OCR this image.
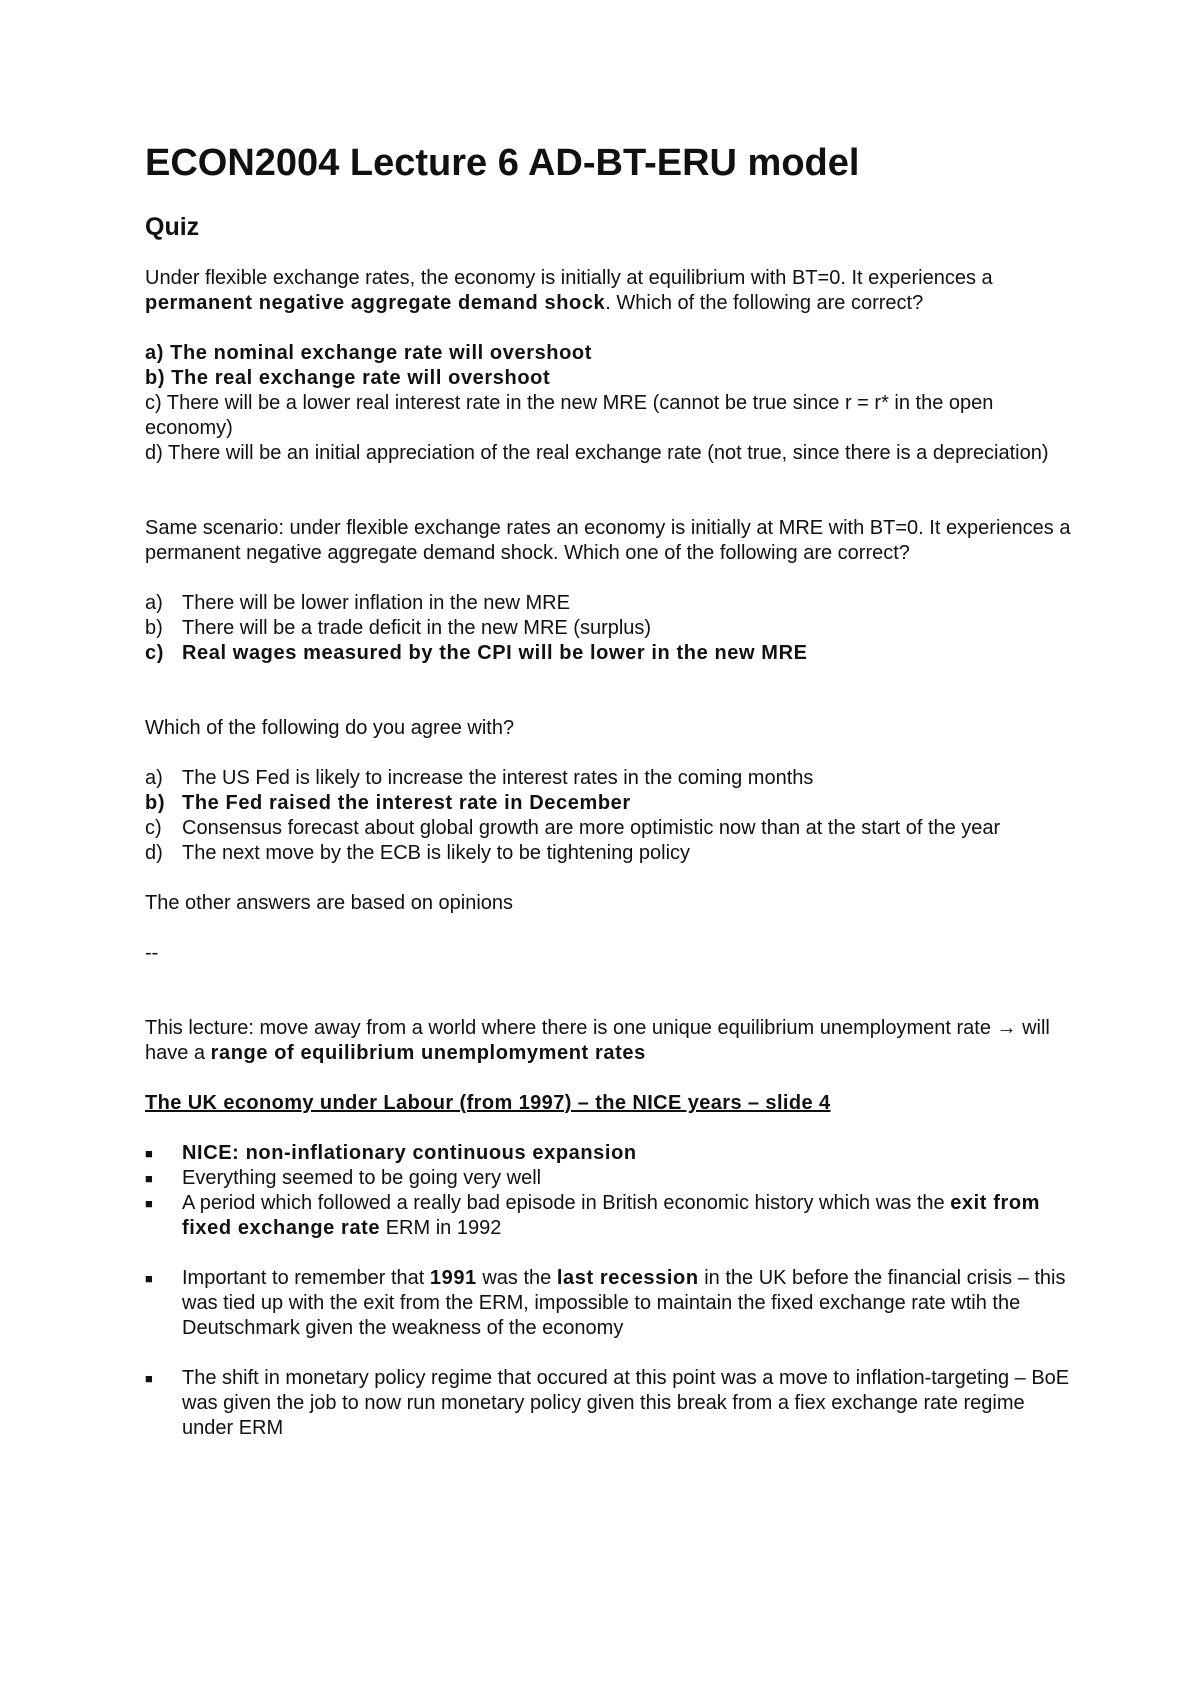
ECON2004 Lecture 6 AD-BT-ERU model
Quiz

Under flexible exchange rates, the economy is initially at equilibrium with BT=0. It experiences a permanent negative aggregate demand shock. Which of the following are correct?

a) The nominal exchange rate will overshoot

b) The real exchange rate will overshoot

c) There will be a lower real interest rate in the new MRE (cannot be true since r = r* in the open economy)

d) There will be an initial appreciation of the real exchange rate (not true, since there is a depreciation)

Same scenario: under flexible exchange rates an economy is initially at MRE with BT=0. It experiences a permanent negative aggregate demand shock. Which one of the following are correct?

a) There will be lower inflation in the new MRE
b) There will be a trade deficit in the new MRE (surplus)
c) Real wages measured by the CPI will be lower in the new MRE

Which of the following do you agree with?

a) The US Fed is likely to increase the interest rates in the coming months
b) The Fed raised the interest rate in December
c)	Consensus forecast about global growth are more optimistic now than at the start of the year
d) The next move by the ECB is likely to be tightening policy

The other answers are based on opinions

--

This lecture: move away from a world where there is one unique equilibrium unemployment rate → will have a range of equilibrium unemplomyment rates

The UK economy under Labour (from 1997) – the NICE years – slide 4

■	NICE: non-inflationary continuous expansion
■	Everything seemed to be going very well
■	A period which followed a really bad episode in British economic history which was the exit from fixed exchange rate ERM in 1992
■	Important to remember that 1991 was the last recession in the UK before the financial crisis – this was tied up with the exit from the ERM, impossible to maintain the fixed exchange rate wtih the Deutschmark given the weakness of the economy
■	The shift in monetary policy regime that occured at this point was a move to inflation-targeting – BoE was given the job to now run monetary policy given this break from a fiex exchange rate regime under ERM
